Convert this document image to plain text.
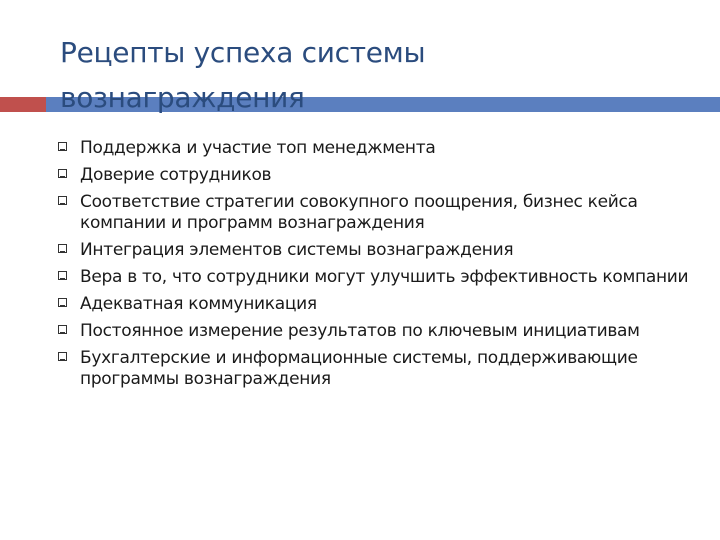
Рецепты успеха системы вознаграждения
Поддержка и участие топ менеджмента
Доверие сотрудников
Соответствие стратегии совокупного поощрения, бизнес кейса компании и программ вознаграждения
Интеграция элементов системы вознаграждения
Вера в то, что сотрудники могут улучшить эффективность компании
Адекватная коммуникация
Постоянное измерение результатов по ключевым инициативам
Бухгалтерские и информационные системы, поддерживающие программы вознаграждения
